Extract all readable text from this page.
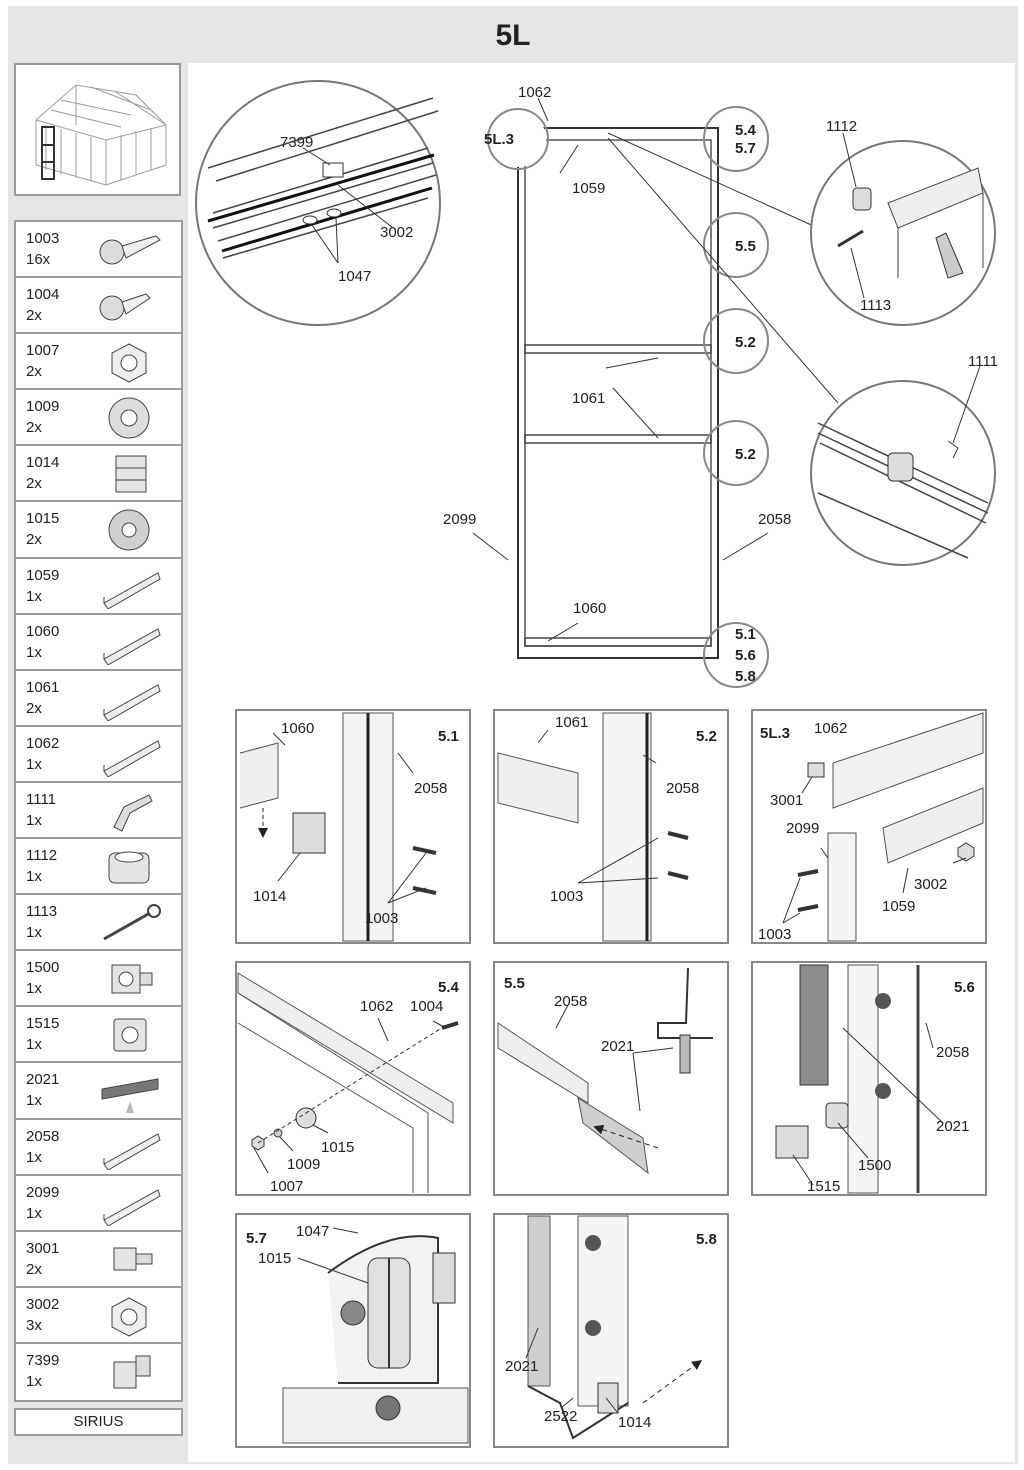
5L
1003
16x
1004
2x
1007
2x
1009
2x
1014
2x
1015
2x
1059
1x
1060
1x
1061
2x
1062
1x
1111
1x
1112
1x
1113
1x
1500
1x
1515
1x
2021
1x
2058
1x
2099
1x
3001
2x
3002
3x
7399
1x
SIRIUS
7399
3002
1047
1062
1059
1061
2099	2058
1060
5L.3
5.4
5.7
5.5
5.2
5.2
5.1
5.6
5.8
1112
1113
1111
5.1
1060
2058
1014
1003
5.2
1061
2058
1003
5L.3 1062
3001
2099
3002
1059
1003
5.4
1062 1004
1015
1009
1007
5.5
2058
2021
5.6
2058
2021
1500
1515
5.7 1047
1015
5.8
2021
2522	1014
